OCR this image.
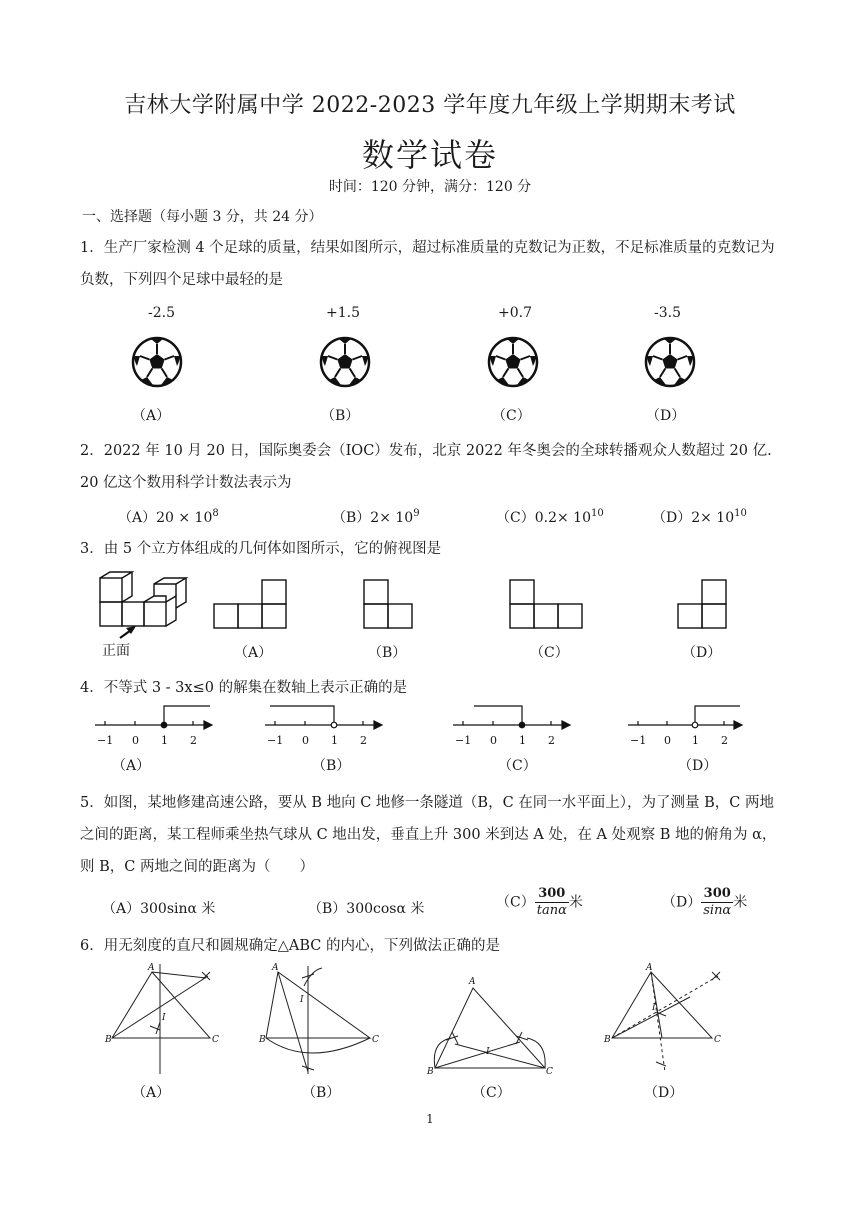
吉林大学附属中学 2022-2023 学年度九年级上学期期末考试
数学试卷
时间：120 分钟，满分：120 分
一、选择题（每小题 3 分，共 24 分）
1．生产厂家检测 4 个足球的质量，结果如图所示，超过标准质量的克数记为正数，不足标准质量的克数记为负数，下列四个足球中最轻的是
-2.5	+1.5	+0.7	-3.5
（A）	（B）	（C）	（D）
2．2022 年 10 月 20 日，国际奥委会（IOC）发布，北京 2022 年冬奥会的全球转播观众人数超过 20 亿. 20 亿这个数用科学计数法表示为
$(A)20 \times 10^8$	$(B)2\times 10^9$	$(C)0.2\times 10^{10}$	$(D)2\times 10^{10}$
3．由 5 个立方体组成的几何体如图所示，它的俯视图是
正面	（A）	（B）	（C）	（D）
4．不等式 3 - 3x≤0 的解集在数轴上表示正确的是
−1 0 1 2	−1 0 1 2	−1 0 1 2	−1 0 1 2
（A）	（B）	（C）	（D）
5．如图，某地修建高速公路，要从 B 地向 C 地修一条隧道（B，C 在同一水平面上），为了测量 B，C 两地之间的距离，某工程师乘坐热气球从 C 地出发，垂直上升 300 米到达 A 处，在 A 处观察 B 地的俯角为 α，则 B，C 两地之间的距离为（　　）
（A）300sinα 米	（B）300cosα 米	$(C) \frac{300}{\tan\alpha}$ 米	$(D) \frac{300}{\sin\alpha}$ 米
6．用无刻度的直尺和圆规确定△ABC 的内心，下列做法正确的是
A
B	C
I
A
B	C
I
A
B	C
I
A
B	C
I
（A）	（B）	（C）	（D）
1
